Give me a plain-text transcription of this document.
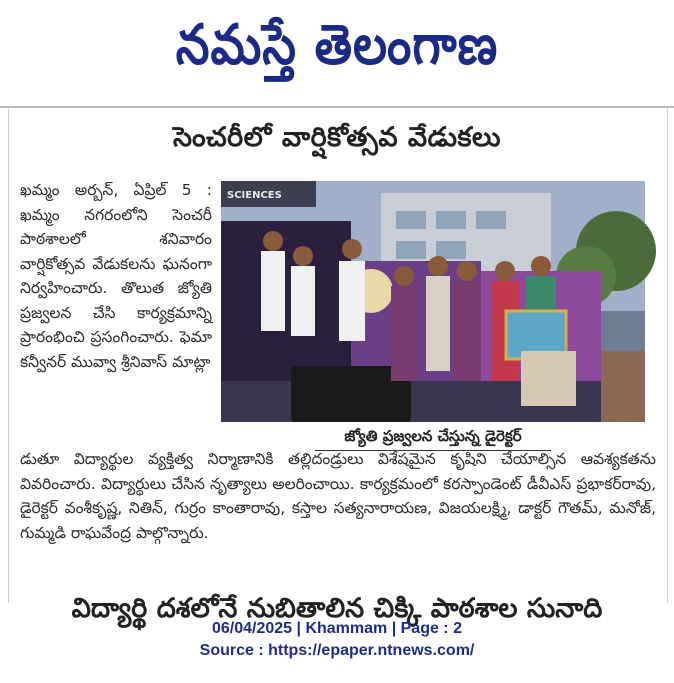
నమస్తే తెలంగాణ
సెంచరీలో వార్షికోత్సవ వేడుకలు

ఖమ్మం అర్బన్, ఏప్రిల్ 5 : ఖమ్మం నగరంలోని సెంచరీ పాఠశాలలో శనివారం వార్షికోత్సవ వేడుకలను ఘనంగా నిర్వహించారు. తొలుత జ్యోతి ప్రజ్వలన చేసి కార్యక్రమాన్ని ప్రారంభించి ప్రసంగించారు. ఫెమా కన్వీనర్ మువ్వా శ్రీనివాస్ మాట్లా

SCIENCES
జ్యోతి ప్రజ్వలన చేస్తున్న డైరెక్టర్

డుతూ విద్యార్థుల వ్యక్తిత్వ నిర్మాణానికి తల్లిదండ్రులు విశేషమైన కృషిని చేయాల్సిన ఆవశ్యకతను వివరించారు. విద్యార్థులు చేసిన నృత్యాలు అలరించాయి. కార్యక్రమంలో కరస్పాండెంట్ డీవీఎస్ ప్రభాకర్‌రావు, డైరెక్టర్ వంశీకృష్ణ, నితిన్, గుర్రం కాంతారావు, కస్తాల సత్యనారాయణ, విజయలక్ష్మి, డాక్టర్ గౌతమ్, మనోజ్, గుమ్మడి రాఘవేంద్ర పాల్గొన్నారు.

విద్యార్థి దశలోనే నుబితాలిన చిక్కి పాఠశాల సునాది
06/04/2025 | Khammam | Page : 2
Source : https://epaper.ntnews.com/
